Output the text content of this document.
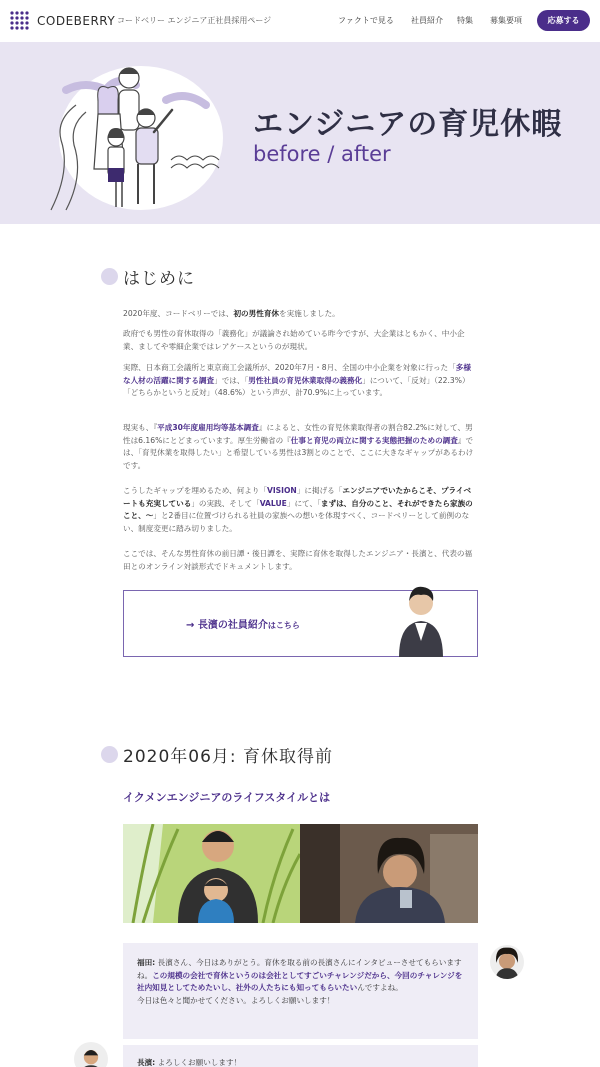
CODEBERRY コードベリー エンジニア正社員採用ページ	ファクトで見る 社員紹介 特集 募集要項	応募する
エンジニアの育児休暇
before / after
はじめに

2020年度、コードベリーでは、初の男性育休を実施しました。

政府でも男性の育休取得の「義務化」が議論され始めている昨今ですが、大企業はともかく、中小企業、ましてや零細企業ではレアケースというのが現状。

実際、日本商工会議所と東京商工会議所が、2020年7月・8月、全国の中小企業を対象に行った「多様な人材の活躍に関する調査」では、「男性社員の育児休業取得の義務化」について、「反対」（22.3%）「どちらかというと反対」（48.6%）という声が、計70.9%に上っています。

現実も、『平成30年度雇用均等基本調査』によると、女性の育児休業取得者の割合82.2%に対して、男性は6.16%にとどまっています。厚生労働省の『仕事と育児の両立に関する実態把握のための調査』では、「育児休業を取得したい」と希望している男性は3割とのことで、ここに大きなギャップがあるわけです。

こうしたギャップを埋めるため、何より「VISION」に掲げる「エンジニアでいたからこそ、プライベートも充実している」の実践、そして「VALUE」にて、「まずは、自分のこと、それができたら家族のこと、〜」と2番目に位置づけられる社員の家族への想いを体現すべく、コードベリーとして前例のない、制度変更に踏み切りました。

ここでは、そんな男性育休の前日譚・後日譚を、実際に育休を取得したエンジニア・長濱と、代表の福田とのオンライン対談形式でドキュメントします。

→ 長濱の社員紹介はこちら
2020年06月: 育休取得前
イクメンエンジニアのライフスタイルとは
福田: 長濱さん、今日はありがとう。育休を取る前の長濱さんにインタビューさせてもらいますね。この規模の会社で育休というのは会社としてすごいチャレンジだから、今回のチャレンジを社内知見としてためたいし、社外の人たちにも知ってもらいたいんですよね。
今日は色々と聞かせてください。よろしくお願いします！
長濱: よろしくお願いします！
